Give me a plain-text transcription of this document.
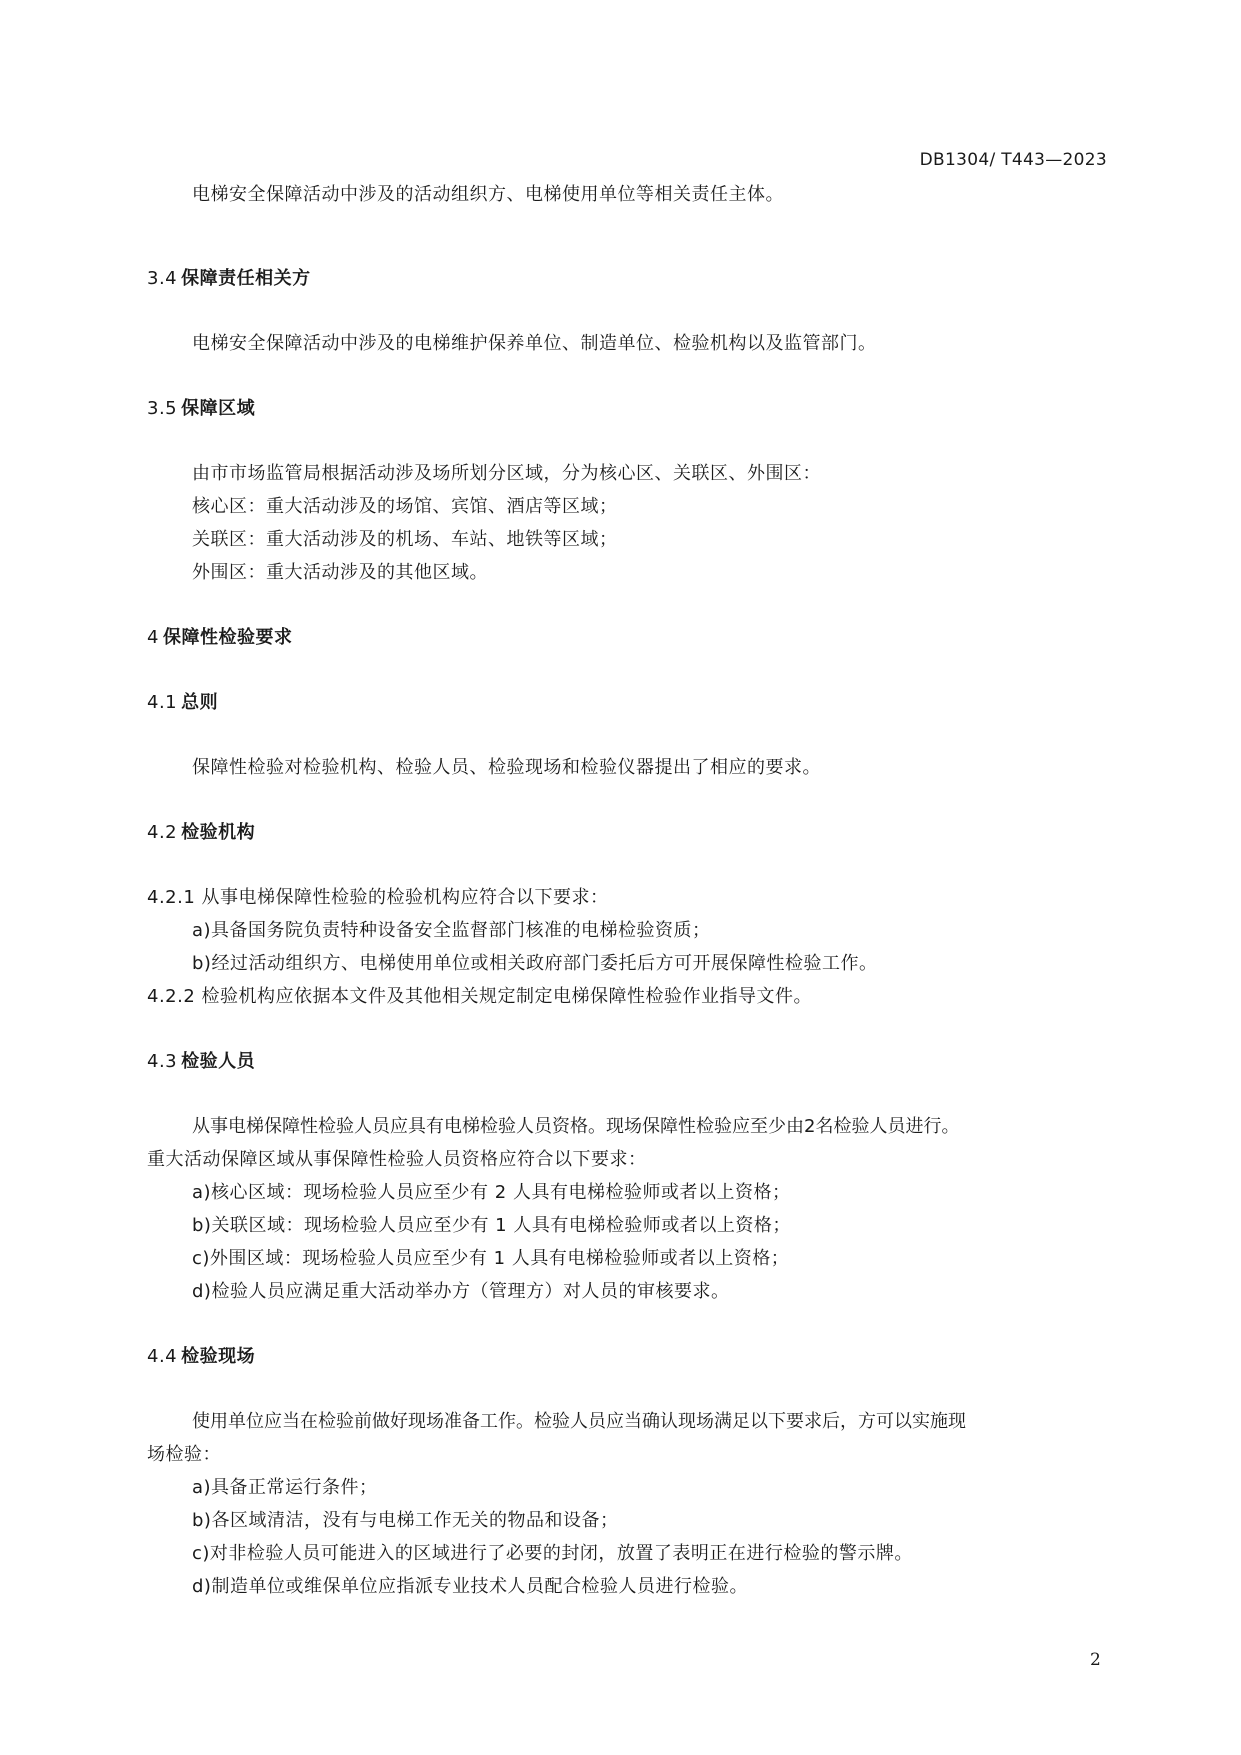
DB1304/ T443—2023
电梯安全保障活动中涉及的活动组织方、电梯使用单位等相关责任主体。
3.4 保障责任相关方
电梯安全保障活动中涉及的电梯维护保养单位、制造单位、检验机构以及监管部门。
3.5 保障区域
由市市场监管局根据活动涉及场所划分区域，分为核心区、关联区、外围区：
核心区：重大活动涉及的场馆、宾馆、酒店等区域；
关联区：重大活动涉及的机场、车站、地铁等区域；
外围区：重大活动涉及的其他区域。
4 保障性检验要求
4.1 总则
保障性检验对检验机构、检验人员、检验现场和检验仪器提出了相应的要求。
4.2 检验机构
4.2.1 从事电梯保障性检验的检验机构应符合以下要求：
a)具备国务院负责特种设备安全监督部门核准的电梯检验资质；
b)经过活动组织方、电梯使用单位或相关政府部门委托后方可开展保障性检验工作。
4.2.2 检验机构应依据本文件及其他相关规定制定电梯保障性检验作业指导文件。
4.3 检验人员
从事电梯保障性检验人员应具有电梯检验人员资格。现场保障性检验应至少由2名检验人员进行。
重大活动保障区域从事保障性检验人员资格应符合以下要求：
a)核心区域：现场检验人员应至少有 2 人具有电梯检验师或者以上资格；
b)关联区域：现场检验人员应至少有 1 人具有电梯检验师或者以上资格；
c)外围区域：现场检验人员应至少有 1 人具有电梯检验师或者以上资格；
d)检验人员应满足重大活动举办方（管理方）对人员的审核要求。
4.4 检验现场
使用单位应当在检验前做好现场准备工作。检验人员应当确认现场满足以下要求后，方可以实施现
场检验：
a)具备正常运行条件；
b)各区域清洁，没有与电梯工作无关的物品和设备；
c)对非检验人员可能进入的区域进行了必要的封闭，放置了表明正在进行检验的警示牌。
d)制造单位或维保单位应指派专业技术人员配合检验人员进行检验。
2
